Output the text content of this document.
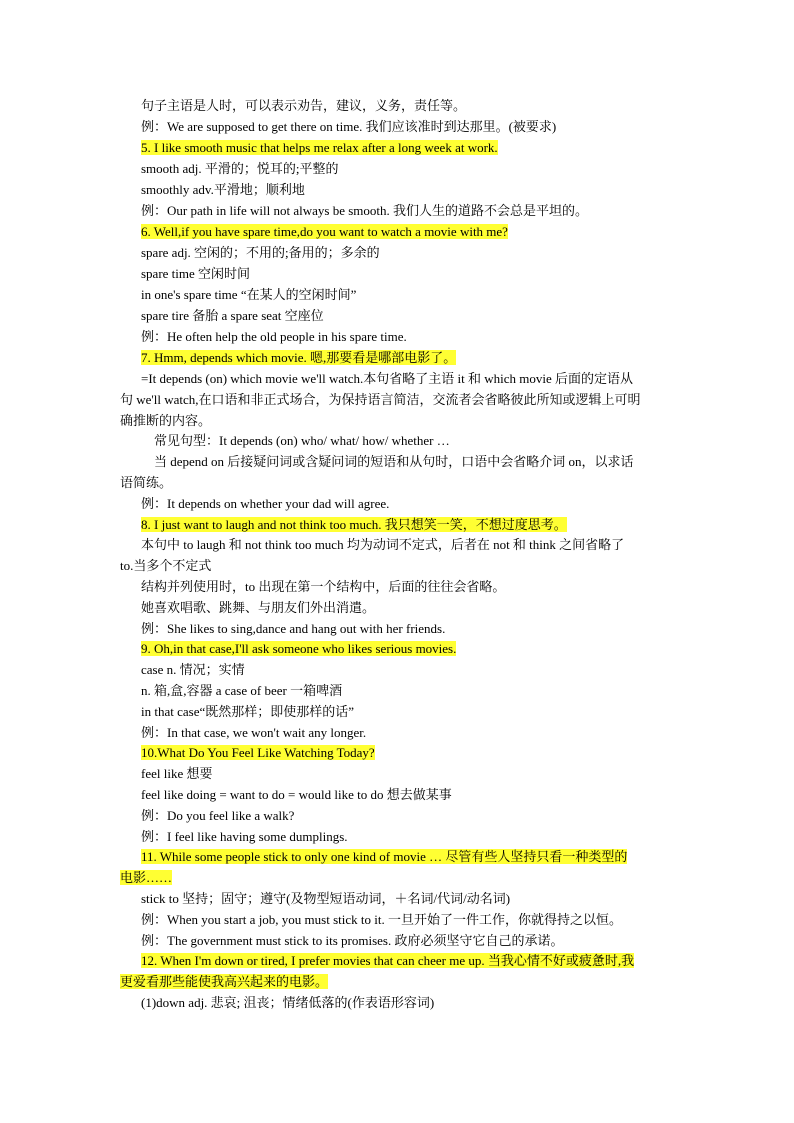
句子主语是人时，可以表示劝告，建议，义务，责任等。
例：We are supposed to get there on time. 我们应该准时到达那里。(被要求)
5. I like smooth music that helps me relax after a long week at work.
smooth adj. 平滑的；悦耳的;平整的
smoothly adv.平滑地；顺利地
例：Our path in life will not always be smooth. 我们人生的道路不会总是平坦的。
6. Well,if you have spare time,do you want to watch a movie with me?
spare adj. 空闲的；不用的;备用的；多余的
spare time 空闲时间
in one's spare time “在某人的空闲时间”
spare tire 备胎 a spare seat 空座位
例：He often help the old people in his spare time.
7. Hmm, depends which movie. 嗯,那要看是哪部电影了。
=It depends (on) which movie we'll watch.本句省略了主语 it 和 which movie 后面的定语从
句 we'll watch,在口语和非正式场合，为保持语言简洁，交流者会省略彼此所知或逻辑上可明
确推断的内容。
常见句型：It depends (on) who/ what/ how/ whether …
当 depend on 后接疑问词或含疑问词的短语和从句时，口语中会省略介词 on，以求话
语简练。
例：It depends on whether your dad will agree.
8. I just want to laugh and not think too much. 我只想笑一笑，不想过度思考。
本句中 to laugh 和 not think too much 均为动词不定式，后者在 not 和 think 之间省略了
to.当多个不定式
结构并列使用时，to 出现在第一个结构中，后面的往往会省略。
她喜欢唱歌、跳舞、与朋友们外出消遣。
例：She likes to sing,dance and hang out with her friends.
9. Oh,in that case,I'll ask someone who likes serious movies.
case n. 情况；实情
n. 箱,盒,容器 a case of beer 一箱啤酒
in that case“既然那样；即使那样的话”
例：In that case, we won't wait any longer.
10.What Do You Feel Like Watching Today?
feel like 想要
feel like doing = want to do = would like to do 想去做某事
例：Do you feel like a walk?
例：I feel like having some dumplings.
11. While some people stick to only one kind of movie … 尽管有些人坚持只看一种类型的
电影……
stick to 坚持；固守；遵守(及物型短语动词，＋名词/代词/动名词)
例：When you start a job, you must stick to it. 一旦开始了一件工作，你就得持之以恒。
例：The government must stick to its promises. 政府必须坚守它自己的承诺。
12. When I'm down or tired, I prefer movies that can cheer me up. 当我心情不好或疲惫时,我
更爱看那些能使我高兴起来的电影。
(1)down adj. 悲哀; 沮丧；情绪低落的(作表语形容词)
